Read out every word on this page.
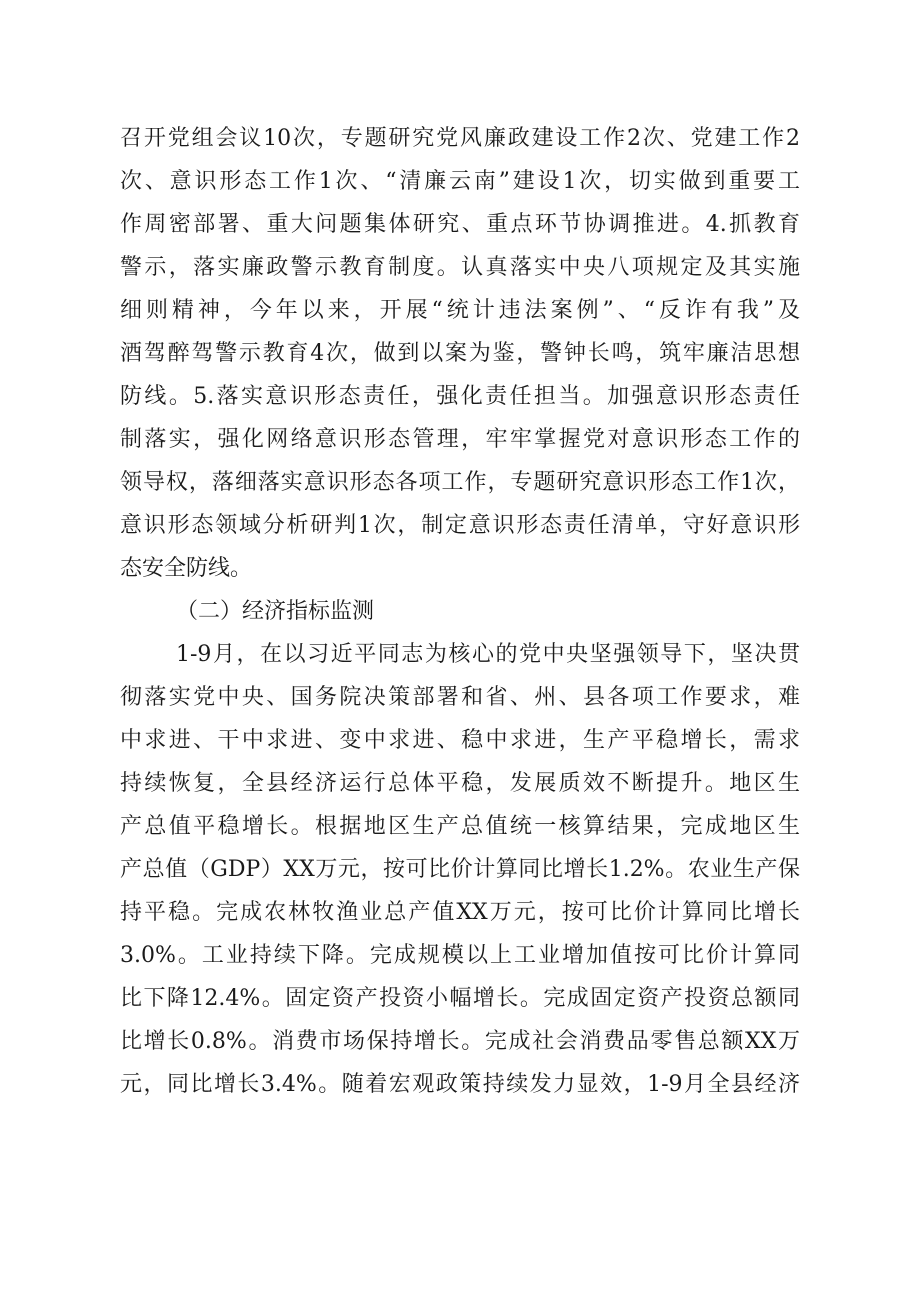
召开党组会议10次，专题研究党风廉政建设工作2次、党建工作2
次、意识形态工作1次、“清廉云南”建设1次，切实做到重要工
作周密部署、重大问题集体研究、重点环节协调推进。4.抓教育
警示，落实廉政警示教育制度。认真落实中央八项规定及其实施
细则精神，今年以来，开展“统计违法案例”、“反诈有我”及
酒驾醉驾警示教育4次，做到以案为鉴，警钟长鸣，筑牢廉洁思想
防线。5.落实意识形态责任，强化责任担当。加强意识形态责任
制落实，强化网络意识形态管理，牢牢掌握党对意识形态工作的
领导权，落细落实意识形态各项工作，专题研究意识形态工作1次，
意识形态领域分析研判1次，制定意识形态责任清单，守好意识形
态安全防线。
（二）经济指标监测
1-9月，在以习近平同志为核心的党中央坚强领导下，坚决贯
彻落实党中央、国务院决策部署和省、州、县各项工作要求，难
中求进、干中求进、变中求进、稳中求进，生产平稳增长，需求
持续恢复，全县经济运行总体平稳，发展质效不断提升。地区生
产总值平稳增长。根据地区生产总值统一核算结果，完成地区生
产总值（GDP）XX万元，按可比价计算同比增长1.2%。农业生产保
持平稳。完成农林牧渔业总产值XX万元，按可比价计算同比增长
3.0%。工业持续下降。完成规模以上工业增加值按可比价计算同
比下降12.4%。固定资产投资小幅增长。完成固定资产投资总额同
比增长0.8%。消费市场保持增长。完成社会消费品零售总额XX万
元，同比增长3.4%。随着宏观政策持续发力显效，1-9月全县经济
